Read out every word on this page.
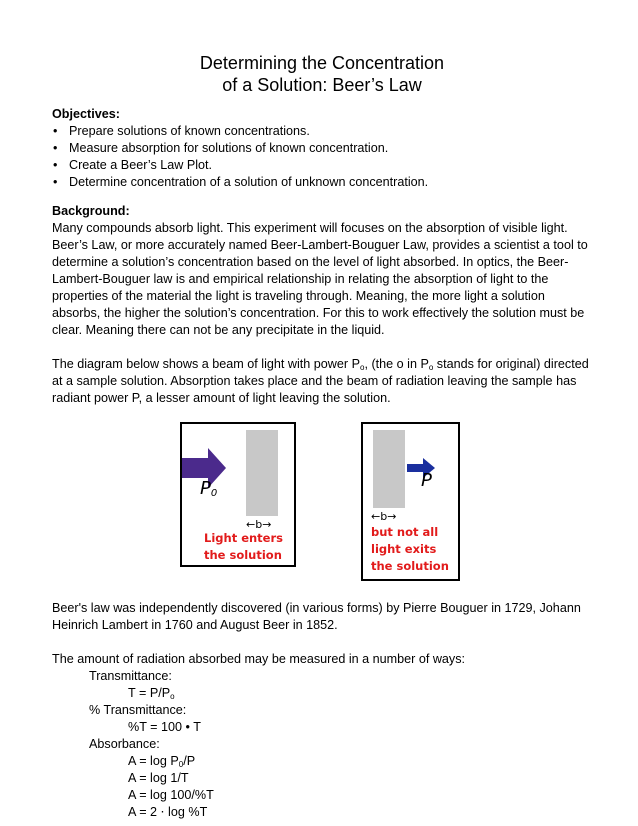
Determining the Concentration
of a Solution: Beer’s Law
Objectives:
• Prepare solutions of known concentrations.
• Measure absorption for solutions of known concentration.
• Create a Beer’s Law Plot.
• Determine concentration of a solution of unknown concentration.
Background:

Many compounds absorb light. This experiment will focuses on the absorption of visible light. Beer’s Law, or more accurately named Beer-Lambert-Bouguer Law, provides a scientist a tool to determine a solution’s concentration based on the level of light absorbed. In optics, the Beer-Lambert-Bouguer law is and empirical relationship in relating the absorption of light to the properties of the material the light is traveling through. Meaning, the more light a solution absorbs, the higher the solution’s concentration. For this to work effectively the solution must be clear. Meaning there can not be any precipitate in the liquid.

The diagram below shows a beam of light with power $P_o$, (the o in $P_o$ stands for original) directed at a sample solution. Absorption takes place and the beam of radiation leaving the sample has radiant power P, a lesser amount of light leaving the solution.

$P_0$
←b→
Light enters
the solution
P
←b→
but not all
light exits
the solution

Beer's law was independently discovered (in various forms) by Pierre Bouguer in 1729, Johann Heinrich Lambert in 1760 and August Beer in 1852.

The amount of radiation absorbed may be measured in a number of ways:
Transmittance:
$T = P/P_o$
% Transmittance:
%T = 100 • T
Absorbance:
$A = \log P_0/P$
A = log 1/T
A = log 100/%T
A = 2 ⋅ log %T
